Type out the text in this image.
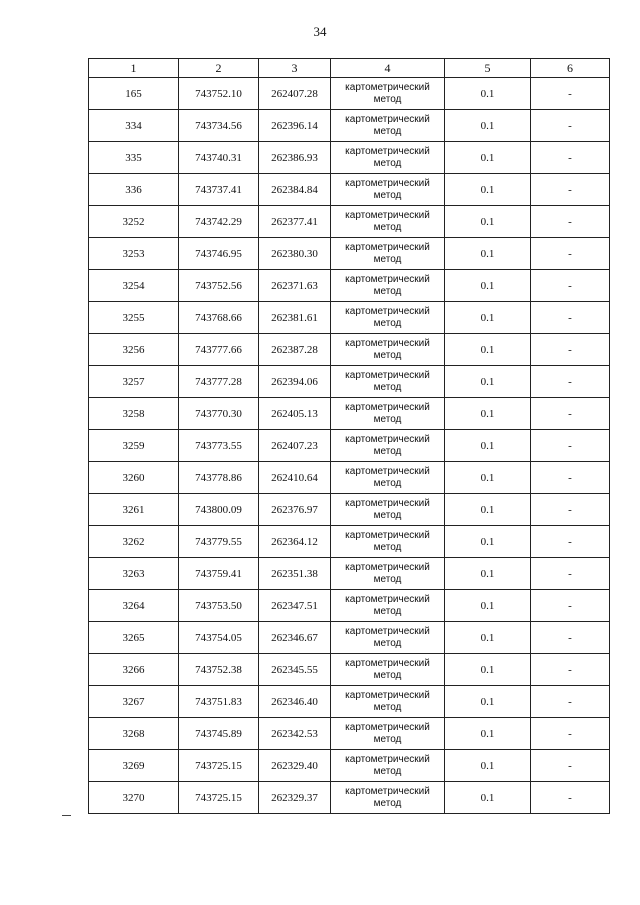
34
1	2	3	4	5	6
165	743752.10	262407.28	картометрический метод	0.1	-
334	743734.56	262396.14	картометрический метод	0.1	-
335	743740.31	262386.93	картометрический метод	0.1	-
336	743737.41	262384.84	картометрический метод	0.1	-
3252	743742.29	262377.41	картометрический метод	0.1	-
3253	743746.95	262380.30	картометрический метод	0.1	-
3254	743752.56	262371.63	картометрический метод	0.1	-
3255	743768.66	262381.61	картометрический метод	0.1	-
3256	743777.66	262387.28	картометрический метод	0.1	-
3257	743777.28	262394.06	картометрический метод	0.1	-
3258	743770.30	262405.13	картометрический метод	0.1	-
3259	743773.55	262407.23	картометрический метод	0.1	-
3260	743778.86	262410.64	картометрический метод	0.1	-
3261	743800.09	262376.97	картометрический метод	0.1	-
3262	743779.55	262364.12	картометрический метод	0.1	-
3263	743759.41	262351.38	картометрический метод	0.1	-
3264	743753.50	262347.51	картометрический метод	0.1	-
3265	743754.05	262346.67	картометрический метод	0.1	-
3266	743752.38	262345.55	картометрический метод	0.1	-
3267	743751.83	262346.40	картометрический метод	0.1	-
3268	743745.89	262342.53	картометрический метод	0.1	-
3269	743725.15	262329.40	картометрический метод	0.1	-
3270	743725.15	262329.37	картометрический метод	0.1	-
